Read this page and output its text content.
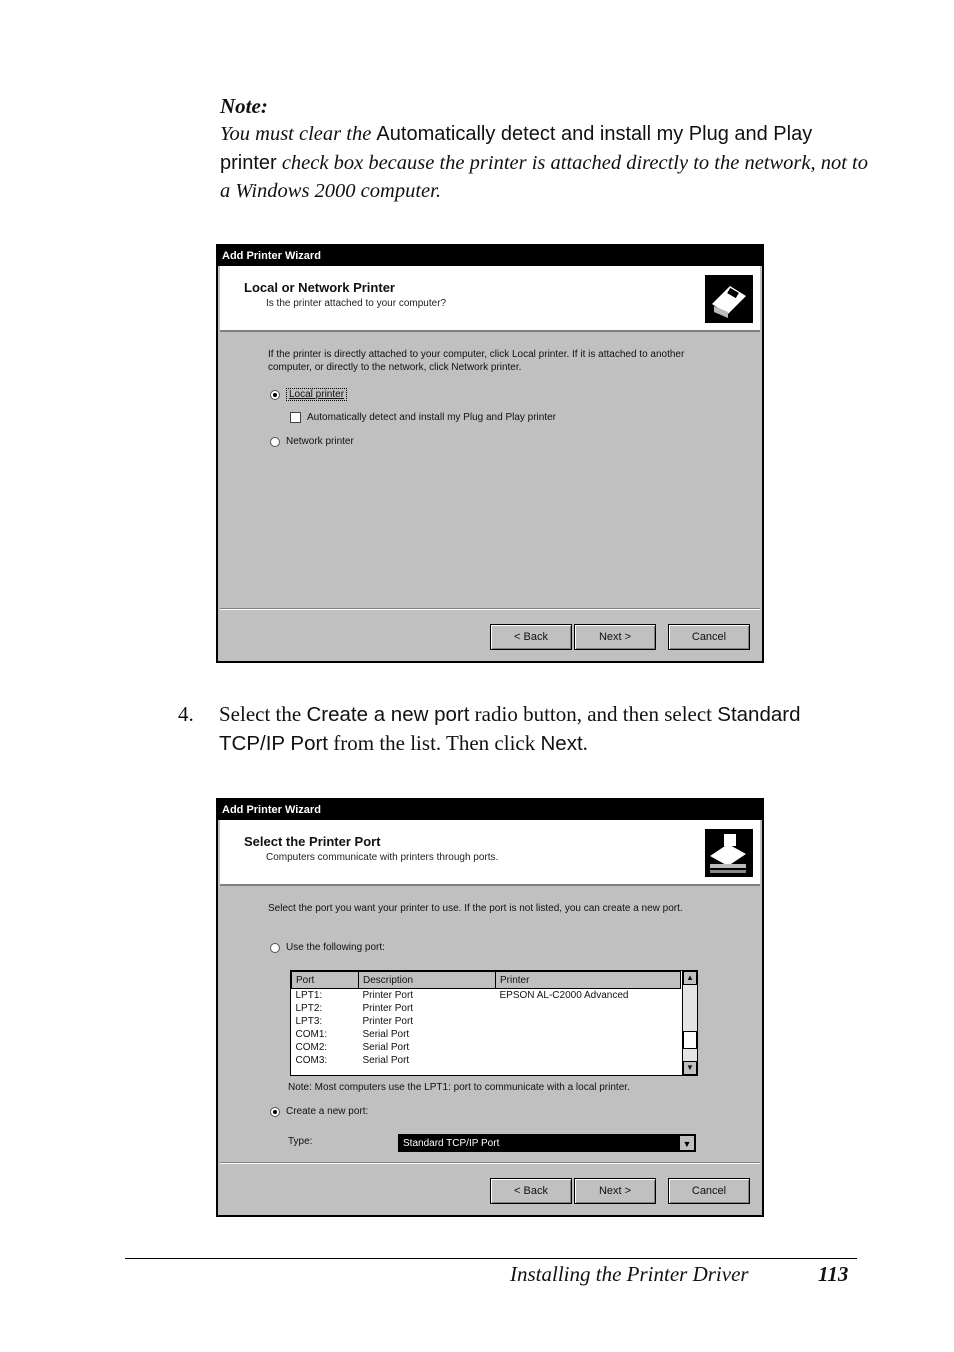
Note:
You must clear the Automatically detect and install my Plug and Play printer check box because the printer is attached directly to the network, not to a Windows 2000 computer.
Add Printer Wizard
Local or Network Printer
Is the printer attached to your computer?
If the printer is directly attached to your computer, click Local printer. If it is attached to another computer, or directly to the network, click Network printer.
Local printer
Automatically detect and install my Plug and Play printer
Network printer
< Back	Next >	Cancel
4. Select the Create a new port radio button, and then select Standard TCP/IP Port from the list. Then click Next.
Add Printer Wizard
Select the Printer Port
Computers communicate with printers through ports.
Select the port you want your printer to use. If the port is not listed, you can create a new port.
Use the following port:
Port	Description	Printer
LPT1:	Printer Port	EPSON AL-C2000 Advanced
LPT2:	Printer Port	
LPT3:	Printer Port	
COM1:	Serial Port	
COM2:	Serial Port	
COM3:	Serial Port	
▲
▼
Note: Most computers use the LPT1: port to communicate with a local printer.
Create a new port:
Type:	Standard TCP/IP Port	▼
< Back	Next >	Cancel
Installing the Printer Driver	113
